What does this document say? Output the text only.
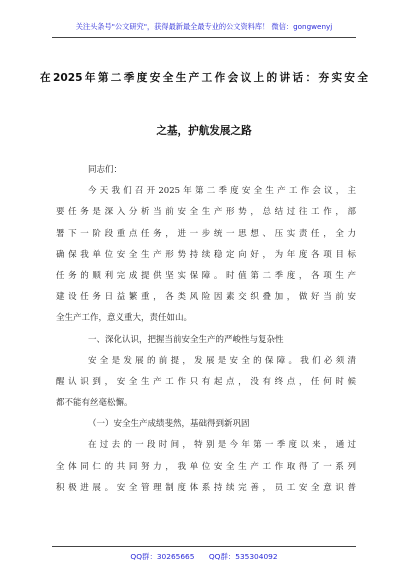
关注头条号"公文研究"，获得最新最全最专业的公文资料库！ 微信：gongwenyj
在2025年第二季度安全生产工作会议上的讲话：夯实安全
之基，护航发展之路
同志们：
今天我们召开2025年第二季度安全生产工作会议，主
要任务是深入分析当前安全生产形势，总结过往工作，部
署下一阶段重点任务，进一步统一思想、压实责任，全力
确保我单位安全生产形势持续稳定向好，为年度各项目标
任务的顺利完成提供坚实保障。时值第二季度，各项生产
建设任务日益繁重，各类风险因素交织叠加，做好当前安
全生产工作，意义重大，责任如山。
一、深化认识，把握当前安全生产的严峻性与复杂性
安全是发展的前提，发展是安全的保障。我们必须清
醒认识到，安全生产工作只有起点，没有终点，任何时候
都不能有丝毫松懈。
（一）安全生产成绩斐然，基础得到新巩固
在过去的一段时间，特别是今年第一季度以来，通过
全体同仁的共同努力，我单位安全生产工作取得了一系列
积极进展。安全管理制度体系持续完善，员工安全意识普
QQ群：30265665 QQ群：535304092
